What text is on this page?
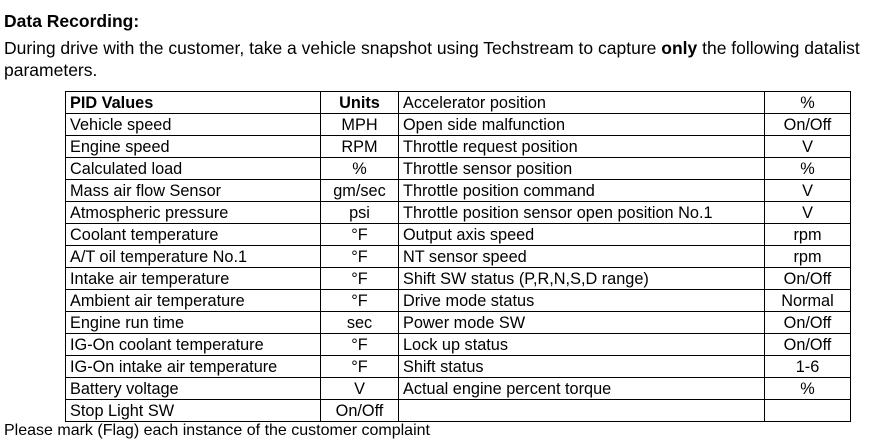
Data Recording:
During drive with the customer, take a vehicle snapshot using Techstream to capture only the following datalist parameters.
PID Values	Units	Accelerator position	%
Vehicle speed	MPH	Open side malfunction	On/Off
Engine speed	RPM	Throttle request position	V
Calculated load	%	Throttle sensor position	%
Mass air flow Sensor	gm/sec	Throttle position command	V
Atmospheric pressure	psi	Throttle position sensor open position No.1	V
Coolant temperature	°F	Output axis speed	rpm
A/T oil temperature No.1	°F	NT sensor speed	rpm
Intake air temperature	°F	Shift SW status (P,R,N,S,D range)	On/Off
Ambient air temperature	°F	Drive mode status	Normal
Engine run time	sec	Power mode SW	On/Off
IG-On coolant temperature	°F	Lock up status	On/Off
IG-On intake air temperature	°F	Shift status	1-6
Battery voltage	V	Actual engine percent torque	%
Stop Light SW	On/Off		
Please mark (Flag) each instance of the customer complaint
